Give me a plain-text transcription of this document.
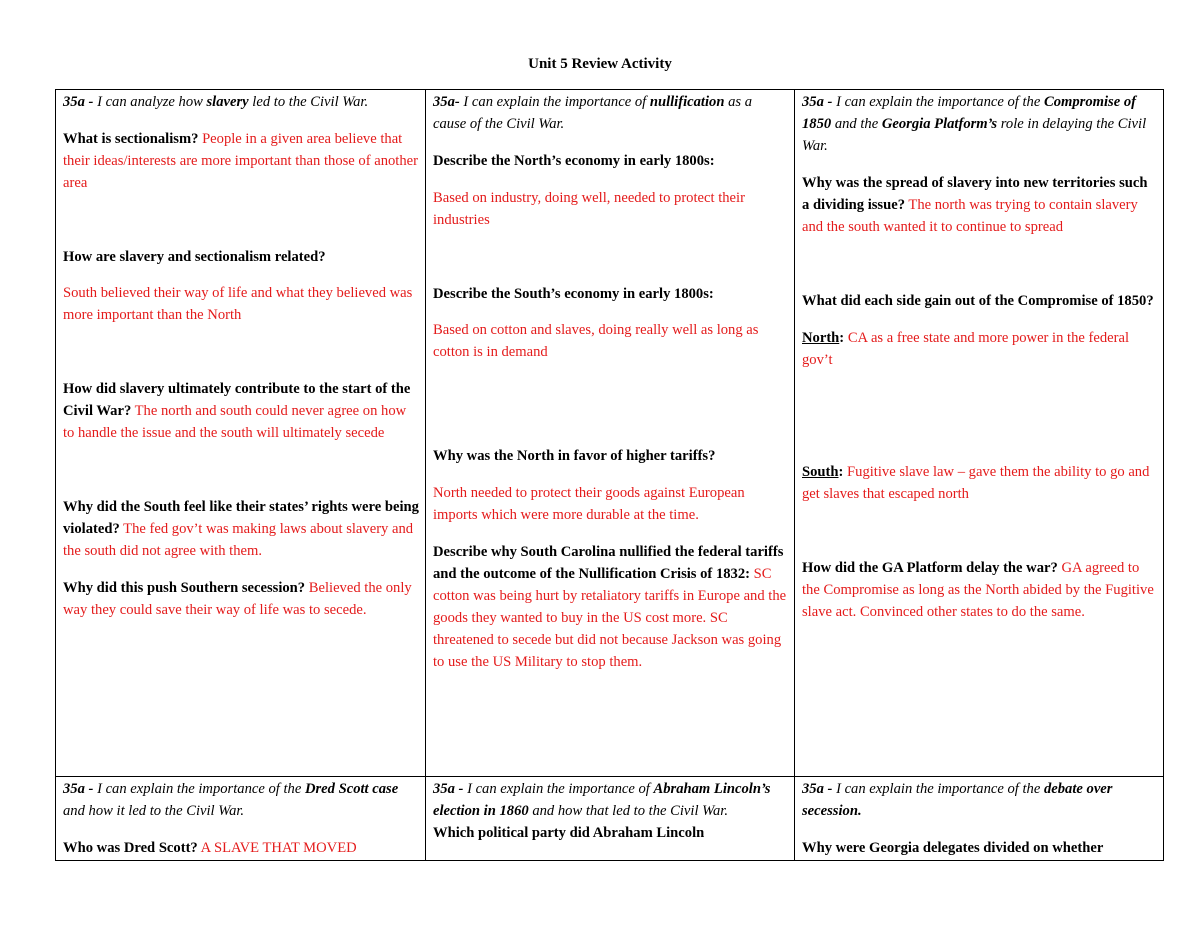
Unit 5 Review Activity

35a - I can analyze how slavery led to the Civil War.

What is sectionalism? People in a given area believe that their ideas/interests are more important than those of another area

How are slavery and sectionalism related?

South believed their way of life and what they believed was more important than the North

How did slavery ultimately contribute to the start of the Civil War? The north and south could never agree on how to handle the issue and the south will ultimately secede

Why did the South feel like their states’ rights were being violated? The fed gov’t was making laws about slavery and the south did not agree with them.

Why did this push Southern secession? Believed the only way they could save their way of life was to secede.

35a- I can explain the importance of nullification as a cause of the Civil War.

Describe the North’s economy in early 1800s:

Based on industry, doing well, needed to protect their industries

Describe the South’s economy in early 1800s:

Based on cotton and slaves, doing really well as long as cotton is in demand

Why was the North in favor of higher tariffs?

North needed to protect their goods against European imports which were more durable at the time.

Describe why South Carolina nullified the federal tariffs and the outcome of the Nullification Crisis of 1832: SC cotton was being hurt by retaliatory tariffs in Europe and the goods they wanted to buy in the US cost more. SC threatened to secede but did not because Jackson was going to use the US Military to stop them.

35a - I can explain the importance of the Compromise of 1850 and the Georgia Platform’s role in delaying the Civil War.

Why was the spread of slavery into new territories such a dividing issue? The north was trying to contain slavery and the south wanted it to continue to spread

What did each side gain out of the Compromise of 1850?

North: CA as a free state and more power in the federal gov’t

South: Fugitive slave law – gave them the ability to go and get slaves that escaped north

How did the GA Platform delay the war? GA agreed to the Compromise as long as the North abided by the Fugitive slave act. Convinced other states to do the same.

35a - I can explain the importance of the Dred Scott case and how it led to the Civil War.

Who was Dred Scott? A SLAVE THAT MOVED

35a - I can explain the importance of Abraham Lincoln’s election in 1860 and how that led to the Civil War.

Which political party did Abraham Lincoln

35a - I can explain the importance of the debate over secession.

Why were Georgia delegates divided on whether
